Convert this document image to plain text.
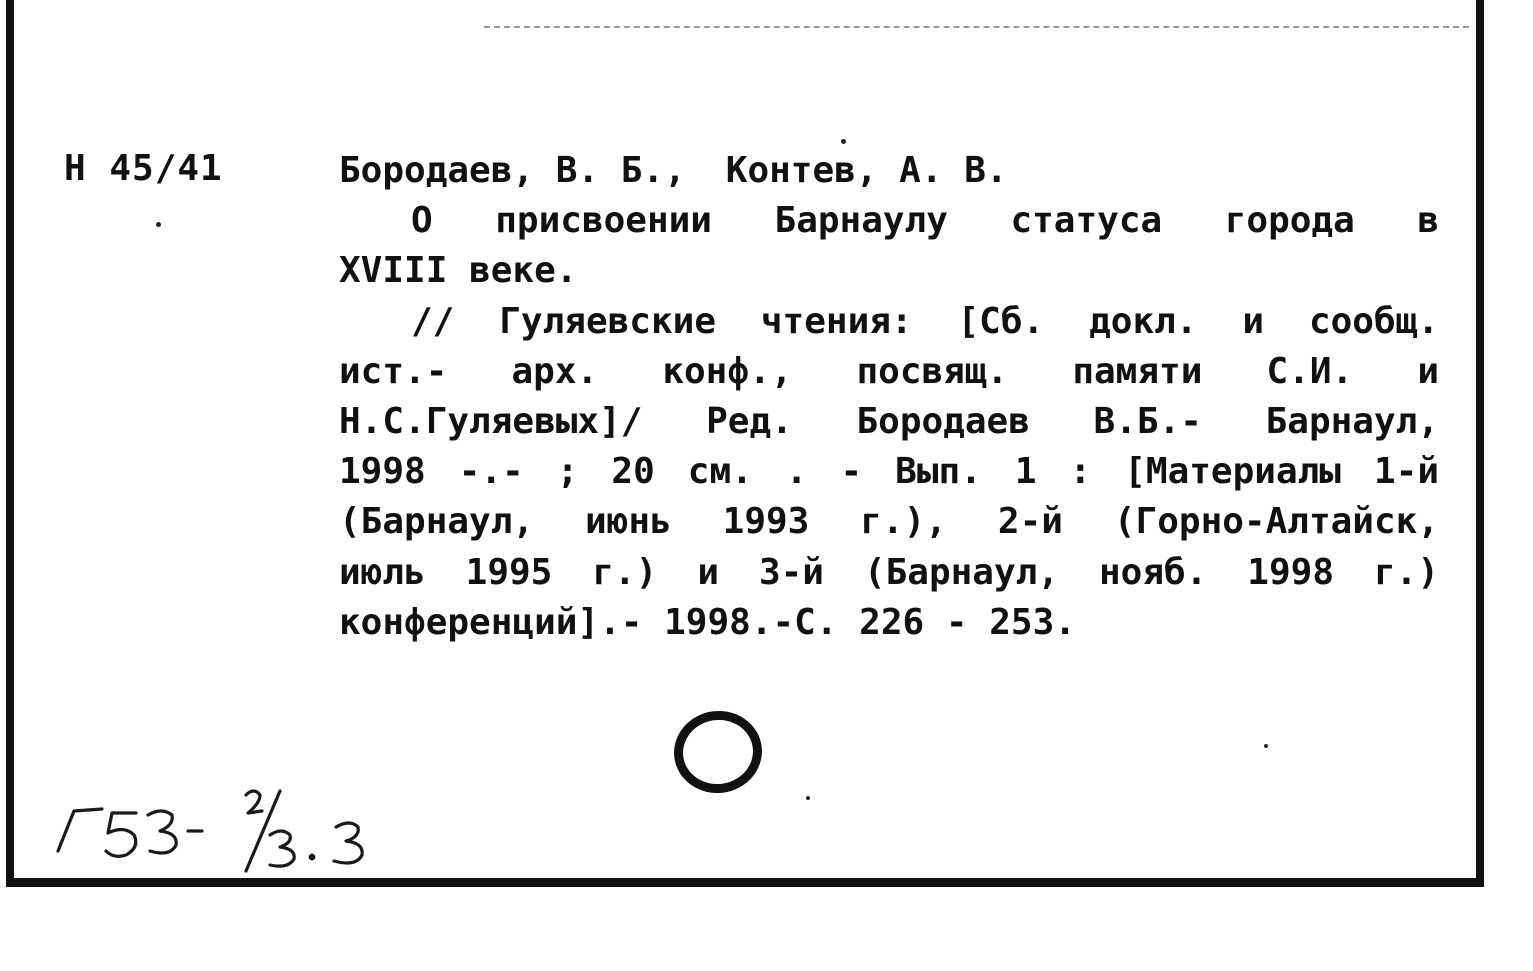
Н 45/41	Бородаев, В. Б., Контев, А. В.
О присвоении Барнаулу статуса города в
XVIII веке.
// Гуляевские чтения: [Сб. докл. и сообщ.
ист.- арх. конф., посвящ. памяти С.И. и
Н.С.Гуляевых]/ Ред. Бородаев В.Б.- Барнаул,
1998 -.- ; 20 см. . - Вып. 1 : [Материалы 1-й
(Барнаул, июнь 1993 г.), 2-й (Горно-Алтайск,
июль 1995 г.) и 3-й (Барнаул, нояб. 1998 г.)
конференций].- 1998.-С. 226 - 253.
